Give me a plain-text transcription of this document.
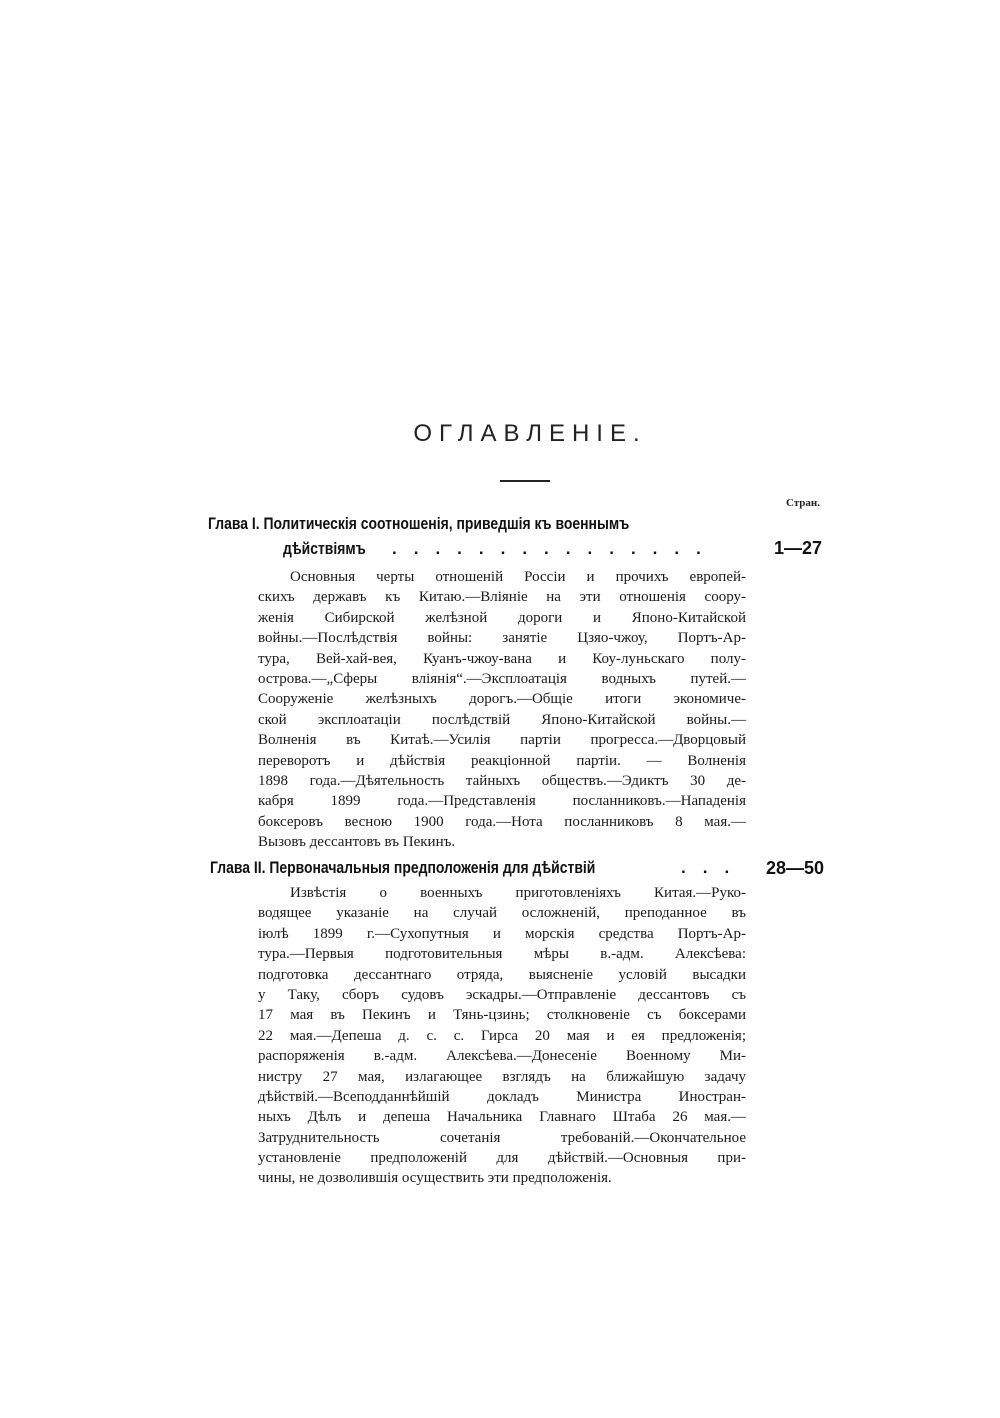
ОГЛАВЛЕНIЕ.
Стран.
Глава I. Политическiя соотношенiя, приведшiя къ военнымъ
дѣйствiямъ ...............	1—27
Основныя черты отношенiй Россiи и прочихъ европей-
скихъ державъ къ Китаю.—Влiянiе на эти отношенiя соору-
женiя Сибирской желѣзной дороги и Японо-Китайской
войны.—Послѣдствiя войны: занятiе Цзяо-чжоу, Портъ-Ар-
тура, Вей-хай-вея, Куанъ-чжоу-вана и Коу-луньскаго полу-
острова.—„Сферы влiянiя“.—Эксплоатацiя водныхъ путей.—
Сооруженiе желѣзныхъ дорогъ.—Общiе итоги экономиче-
ской эксплоатацiи послѣдствiй Японо-Китайской войны.—
Волненiя въ Китаѣ.—Усилiя партiи прогресса.—Дворцовый
переворотъ и дѣйствiя реакцiонной партiи. — Волненiя
1898 года.—Дѣятельность тайныхъ обществъ.—Эдиктъ 30 де-
кабря 1899 года.—Представленiя посланниковъ.—Нападенiя
боксеровъ весною 1900 года.—Нота посланниковъ 8 мая.—
Вызовъ дессантовъ въ Пекинъ.
Глава II. Первоначальныя предположенiя для дѣйствiй	...	28—50
Извѣстiя о военныхъ приготовленiяхъ Китая.—Руко-
водящее указанiе на случай осложненiй, преподанное въ
iюлѣ 1899 г.—Сухопутныя и морскiя средства Портъ-Ар-
тура.—Первыя подготовительныя мѣры в.-адм. Алексѣева:
подготовка дессантнаго отряда, выясненiе условiй высадки
у Таку, сборъ судовъ эскадры.—Отправленiе дессантовъ съ
17 мая въ Пекинъ и Тянь-цзинь; столкновенiе съ боксерами
22 мая.—Депеша д. с. с. Гирса 20 мая и ея предложенiя;
распоряженiя в.-адм. Алексѣева.—Донесенiе Военному Ми-
нистру 27 мая, излагающее взглядъ на ближайшую задачу
дѣйствiй.—Всеподданнѣйшiй докладъ Министра Иностран-
ныхъ Дѣлъ и депеша Начальника Главнаго Штаба 26 мая.—
Затруднительность сочетанiя требованiй.—Окончательное
установленiе предположенiй для дѣйствiй.—Основныя при-
чины, не дозволившiя осуществить эти предположенiя.
